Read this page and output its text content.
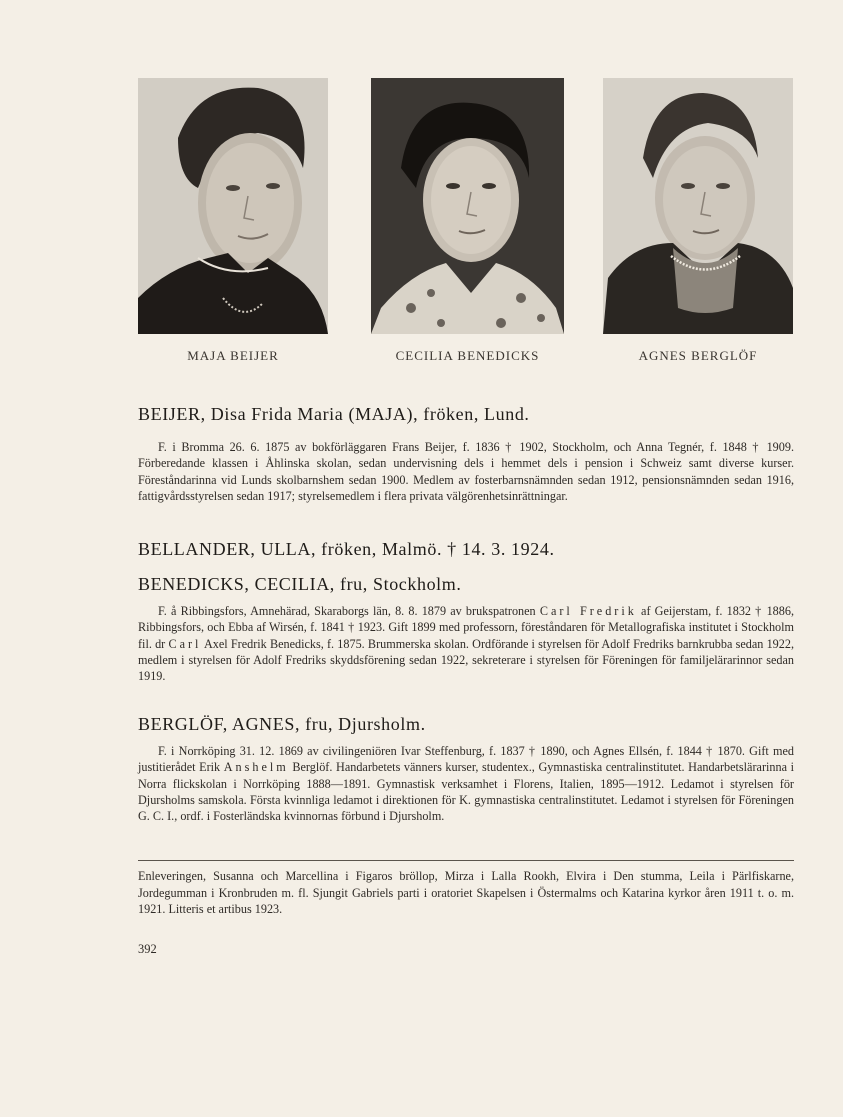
MAJA BEIJER	CECILIA BENEDICKS	AGNES BERGLÖF
BEIJER, Disa Frida Maria (MAJA), fröken, Lund.
F. i Bromma 26. 6. 1875 av bokförläggaren Frans Beijer, f. 1836 † 1902, Stockholm, och Anna Tegnér, f. 1848 † 1909. Förberedande klassen i Åhlinska skolan, sedan undervisning dels i hemmet dels i pension i Schweiz samt diverse kurser. Föreståndarinna vid Lunds skolbarnshem sedan 1900. Medlem av fosterbarnsnämnden sedan 1912, pensionsnämnden sedan 1916, fattigvårdsstyrelsen sedan 1917; styrelsemedlem i flera privata välgörenhetsinrättningar.
BELLANDER, ULLA, fröken, Malmö. † 14. 3. 1924.
BENEDICKS, CECILIA, fru, Stockholm.
F. å Ribbingsfors, Amnehärad, Skaraborgs län, 8. 8. 1879 av brukspatronen Carl Fredrik af Geijerstam, f. 1832 † 1886, Ribbingsfors, och Ebba af Wirsén, f. 1841 † 1923. Gift 1899 med professorn, föreståndaren för Metallografiska institutet i Stockholm fil. dr Carl Axel Fredrik Benedicks, f. 1875. Brummerska skolan. Ordförande i styrelsen för Adolf Fredriks barnkrubba sedan 1922, medlem i styrelsen för Adolf Fredriks skyddsförening sedan 1922, sekreterare i styrelsen för Föreningen för familjelärarinnor sedan 1919.
BERGLÖF, AGNES, fru, Djursholm.
F. i Norrköping 31. 12. 1869 av civilingeniören Ivar Steffenburg, f. 1837 † 1890, och Agnes Ellsén, f. 1844 † 1870. Gift med justitierådet Erik Anshelm Berglöf. Handarbetets vänners kurser, studentex., Gymnastiska centralinstitutet. Handarbetslärarinna i Norra flickskolan i Norrköping 1888—1891. Gymnastisk verksamhet i Florens, Italien, 1895—1912. Ledamot i styrelsen för Djursholms samskola. Första kvinnliga ledamot i direktionen för K. gymnastiska centralinstitutet. Ledamot i styrelsen för Föreningen G. C. I., ordf. i Fosterländska kvinnornas förbund i Djursholm.
Enleveringen, Susanna och Marcellina i Figaros bröllop, Mirza i Lalla Rookh, Elvira i Den stumma, Leila i Pärlfiskarne, Jordegumman i Kronbruden m. fl. Sjungit Gabriels parti i oratoriet Skapelsen i Östermalms och Katarina kyrkor åren 1911 t. o. m. 1921. Litteris et artibus 1923.
392
